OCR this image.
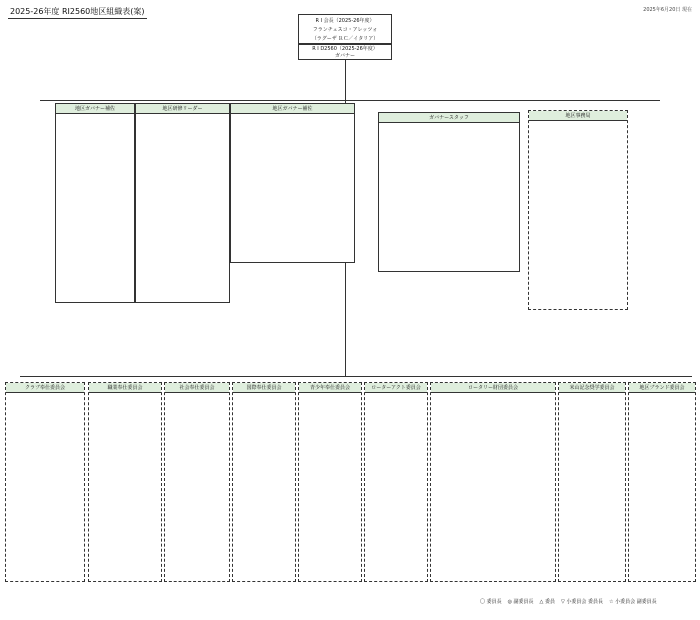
2025-26年度 RI2560地区組織表(案)	2025年6月20日 現在
R I 会長（2025-26年度）
フランチェスコ・アレッツォ
（ラグーザ ＲＣ／イタリア）
R I D2560（2025-26年度）
ガバナー
地区ガバナー補佐	地区研修リーダー	地区ガバナー補佐
ガバナースタッフ	地区事務局
クラブ奉仕委員会	職業奉仕委員会	社会奉仕委員会	国際奉仕委員会	青少年奉仕委員会	ローターアクト委員会	ロータリー財団委員会	米山記念奨学委員会	地区ブランド委員会
〇 委員長 ◎ 副委員長 △ 委員 ▽ 小委員会 委員長 ☆ 小委員会 副委員長
